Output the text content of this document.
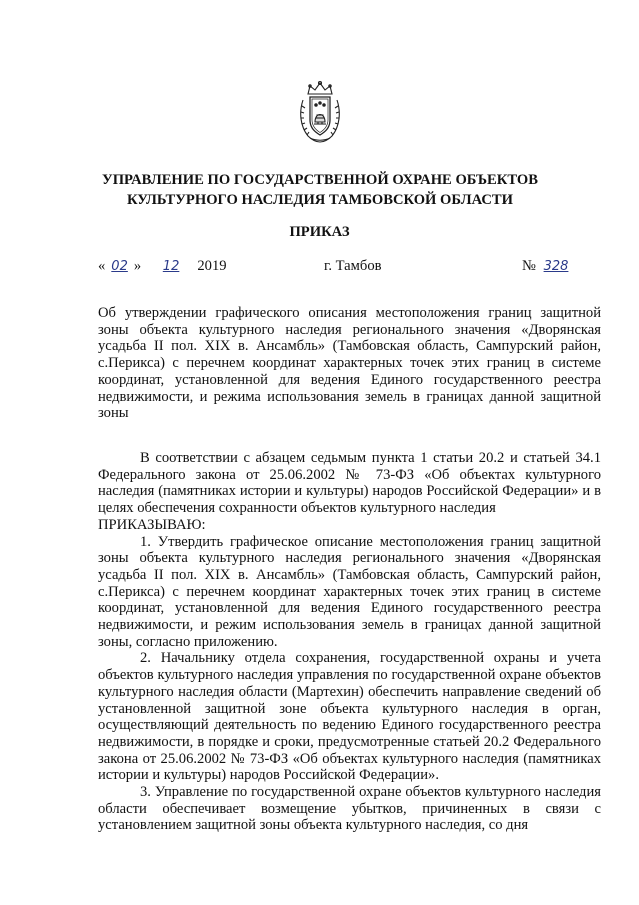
УПРАВЛЕНИЕ ПО ГОСУДАРСТВЕННОЙ ОХРАНЕ ОБЪЕКТОВ
КУЛЬТУРНОГО НАСЛЕДИЯ ТАМБОВСКОЙ ОБЛАСТИ
ПРИКАЗ
« 02 » 12 2019	г. Тамбов	№ 328
Об утверждении графического описания местоположения границ защитной зоны объекта культурного наследия регионального значения «Дворянская усадьба II пол. XIX в. Ансамбль» (Тамбовская область, Сампурский район, с.Перикса) с перечнем координат характерных точек этих границ в системе координат, установленной для ведения Единого государственного реестра недвижимости, и режима использования земель в границах данной защитной зоны

В соответствии с абзацем седьмым пункта 1 статьи 20.2 и статьей 34.1 Федерального закона от 25.06.2002 № 73-ФЗ «Об объектах культурного наследия (памятниках истории и культуры) народов Российской Федерации» и в целях обеспечения сохранности объектов культурного наследия

ПРИКАЗЫВАЮ:

1. Утвердить графическое описание местоположения границ защитной зоны объекта культурного наследия регионального значения «Дворянская усадьба II пол. XIX в. Ансамбль» (Тамбовская область, Сампурский район, с.Перикса) с перечнем координат характерных точек этих границ в системе координат, установленной для ведения Единого государственного реестра недвижимости, и режим использования земель в границах данной защитной зоны, согласно приложению.

2. Начальнику отдела сохранения, государственной охраны и учета объектов культурного наследия управления по государственной охране объектов культурного наследия области (Мартехин) обеспечить направление сведений об установленной защитной зоне объекта культурного наследия в орган, осуществляющий деятельность по ведению Единого государственного реестра недвижимости, в порядке и сроки, предусмотренные статьей 20.2 Федерального закона от 25.06.2002 № 73-ФЗ «Об объектах культурного наследия (памятниках истории и культуры) народов Российской Федерации».

3. Управление по государственной охране объектов культурного наследия области обеспечивает возмещение убытков, причиненных в связи с установлением защитной зоны объекта культурного наследия, со дня
